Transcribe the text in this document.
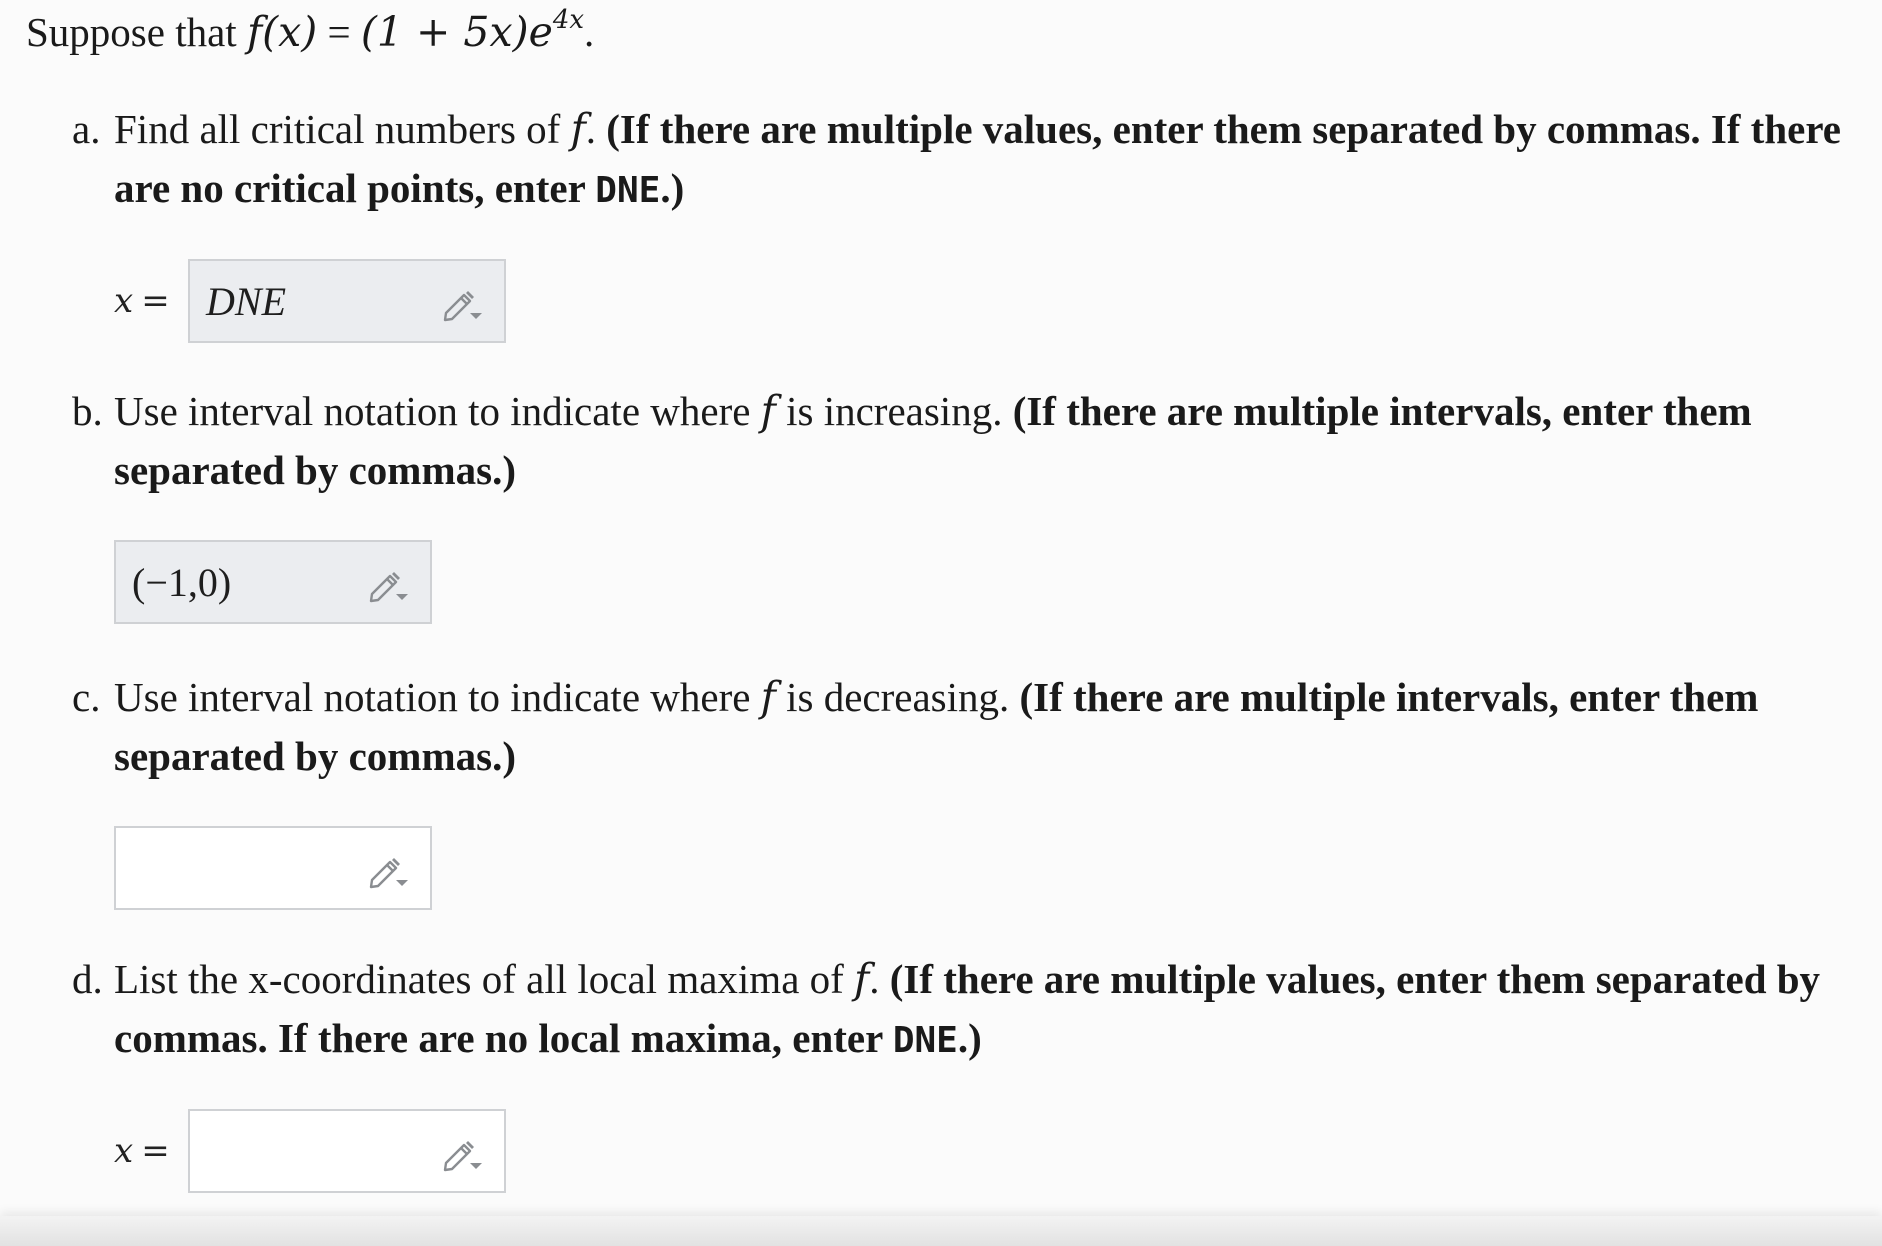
Suppose that $f(x) = (1 + 5x)e^{4x}$.
a. Find all critical numbers of f. (If there are multiple values, enter them separated by commas. If there are no critical points, enter DNE.)
x = DNE
b. Use interval notation to indicate where f is increasing. (If there are multiple intervals, enter them separated by commas.)
(−1,0)
c. Use interval notation to indicate where f is decreasing. (If there are multiple intervals, enter them separated by commas.)
d. List the x-coordinates of all local maxima of f. (If there are multiple values, enter them separated by commas. If there are no local maxima, enter DNE.)
x =
